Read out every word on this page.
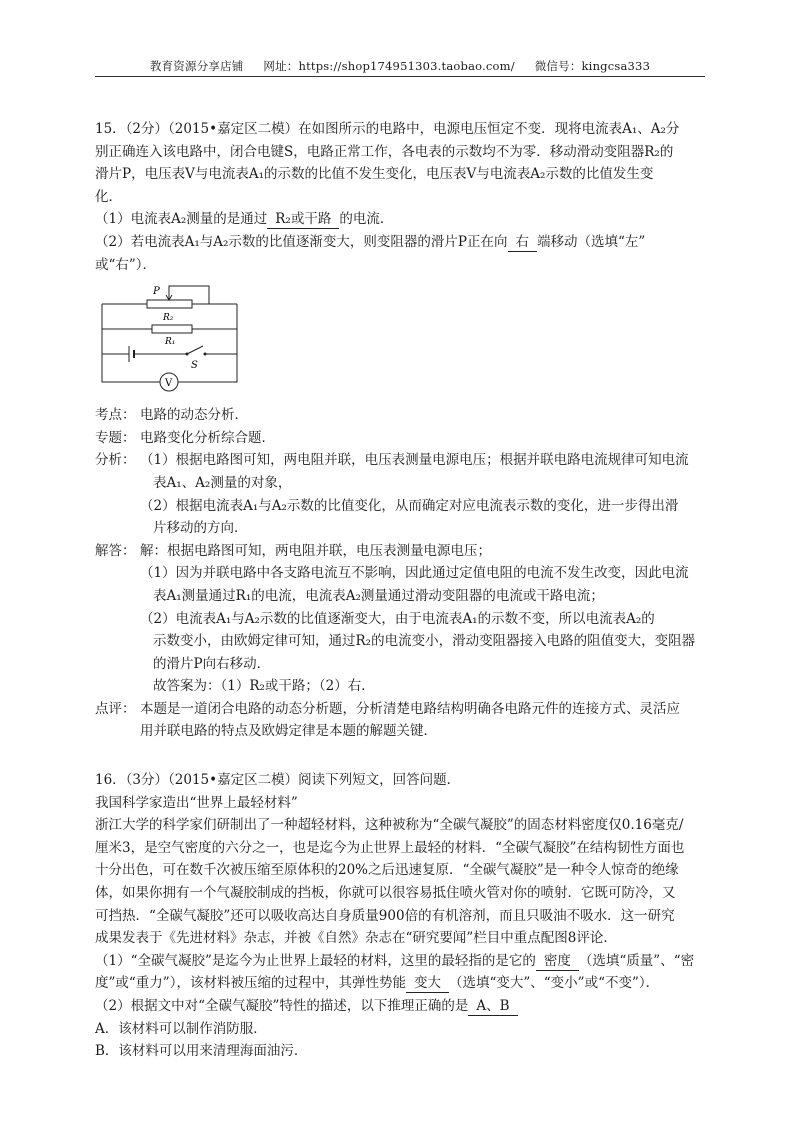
教育资源分享店铺 网址：https://shop174951303.taobao.com/ 微信号：kingcsa333

15．（2分）（2015•嘉定区二模）在如图所示的电路中，电源电压恒定不变．现将电流表A₁、A₂分

别正确连入该电路中，闭合电键S，电路正常工作，各电表的示数均不为零．移动滑动变阻器R₂的

滑片P，电压表V与电流表A₁的示数的比值不发生变化，电压表V与电流表A₂示数的比值发生变

化．

（1）电流表A₂测量的是通过 R₂或干路 的电流．

（2）若电流表A₁与A₂示数的比值逐渐变大，则变阻器的滑片P正在向 右 端移动（选填“左”

或“右”）．

P
R₂
R₁
S
V
考点： 电路的动态分析．
专题： 电路变化分析综合题．
分析： （1）根据电路图可知，两电阻并联，电压表测量电源电压；根据并联电路电流规律可知电流
表A₁、A₂测量的对象，
（2）根据电流表A₁与A₂示数的比值变化，从而确定对应电流表示数的变化，进一步得出滑
片移动的方向．
解答： 解：根据电路图可知，两电阻并联，电压表测量电源电压；
（1）因为并联电路中各支路电流互不影响，因此通过定值电阻的电流不发生改变，因此电流
表A₁测量通过R₁的电流，电流表A₂测量通过滑动变阻器的电流或干路电流；
（2）电流表A₁与A₂示数的比值逐渐变大，由于电流表A₁的示数不变，所以电流表A₂的
示数变小，由欧姆定律可知，通过R₂的电流变小，滑动变阻器接入电路的阻值变大，变阻器
的滑片P向右移动．
故答案为：（1）R₂或干路；（2）右．
点评： 本题是一道闭合电路的动态分析题，分析清楚电路结构明确各电路元件的连接方式、灵活应
用并联电路的特点及欧姆定律是本题的解题关键．

16．（3分）（2015•嘉定区二模）阅读下列短文，回答问题．

我国科学家造出“世界上最轻材料”

浙江大学的科学家们研制出了一种超轻材料，这种被称为“全碳气凝胶”的固态材料密度仅0.16毫克/

厘米3，是空气密度的六分之一，也是迄今为止世界上最轻的材料．“全碳气凝胶”在结构韧性方面也

十分出色，可在数千次被压缩至原体积的20%之后迅速复原．“全碳气凝胶”是一种令人惊奇的绝缘

体，如果你拥有一个气凝胶制成的挡板，你就可以很容易抵住喷火管对你的喷射．它既可防冷，又

可挡热．“全碳气凝胶”还可以吸收高达自身质量900倍的有机溶剂，而且只吸油不吸水．这一研究

成果发表于《先进材料》杂志，并被《自然》杂志在“研究要闻”栏目中重点配图8评论．

（1）“全碳气凝胶”是迄今为止世界上最轻的材料，这里的最轻指的是它的 密度 （选填“质量”、“密

度”或“重力”），该材料被压缩的过程中，其弹性势能 变大 （选填“变大”、“变小”或“不变”）．

（2）根据文中对“全碳气凝胶”特性的描述，以下推理正确的是 A、B

A．该材料可以制作消防服．

B．该材料可以用来清理海面油污．
